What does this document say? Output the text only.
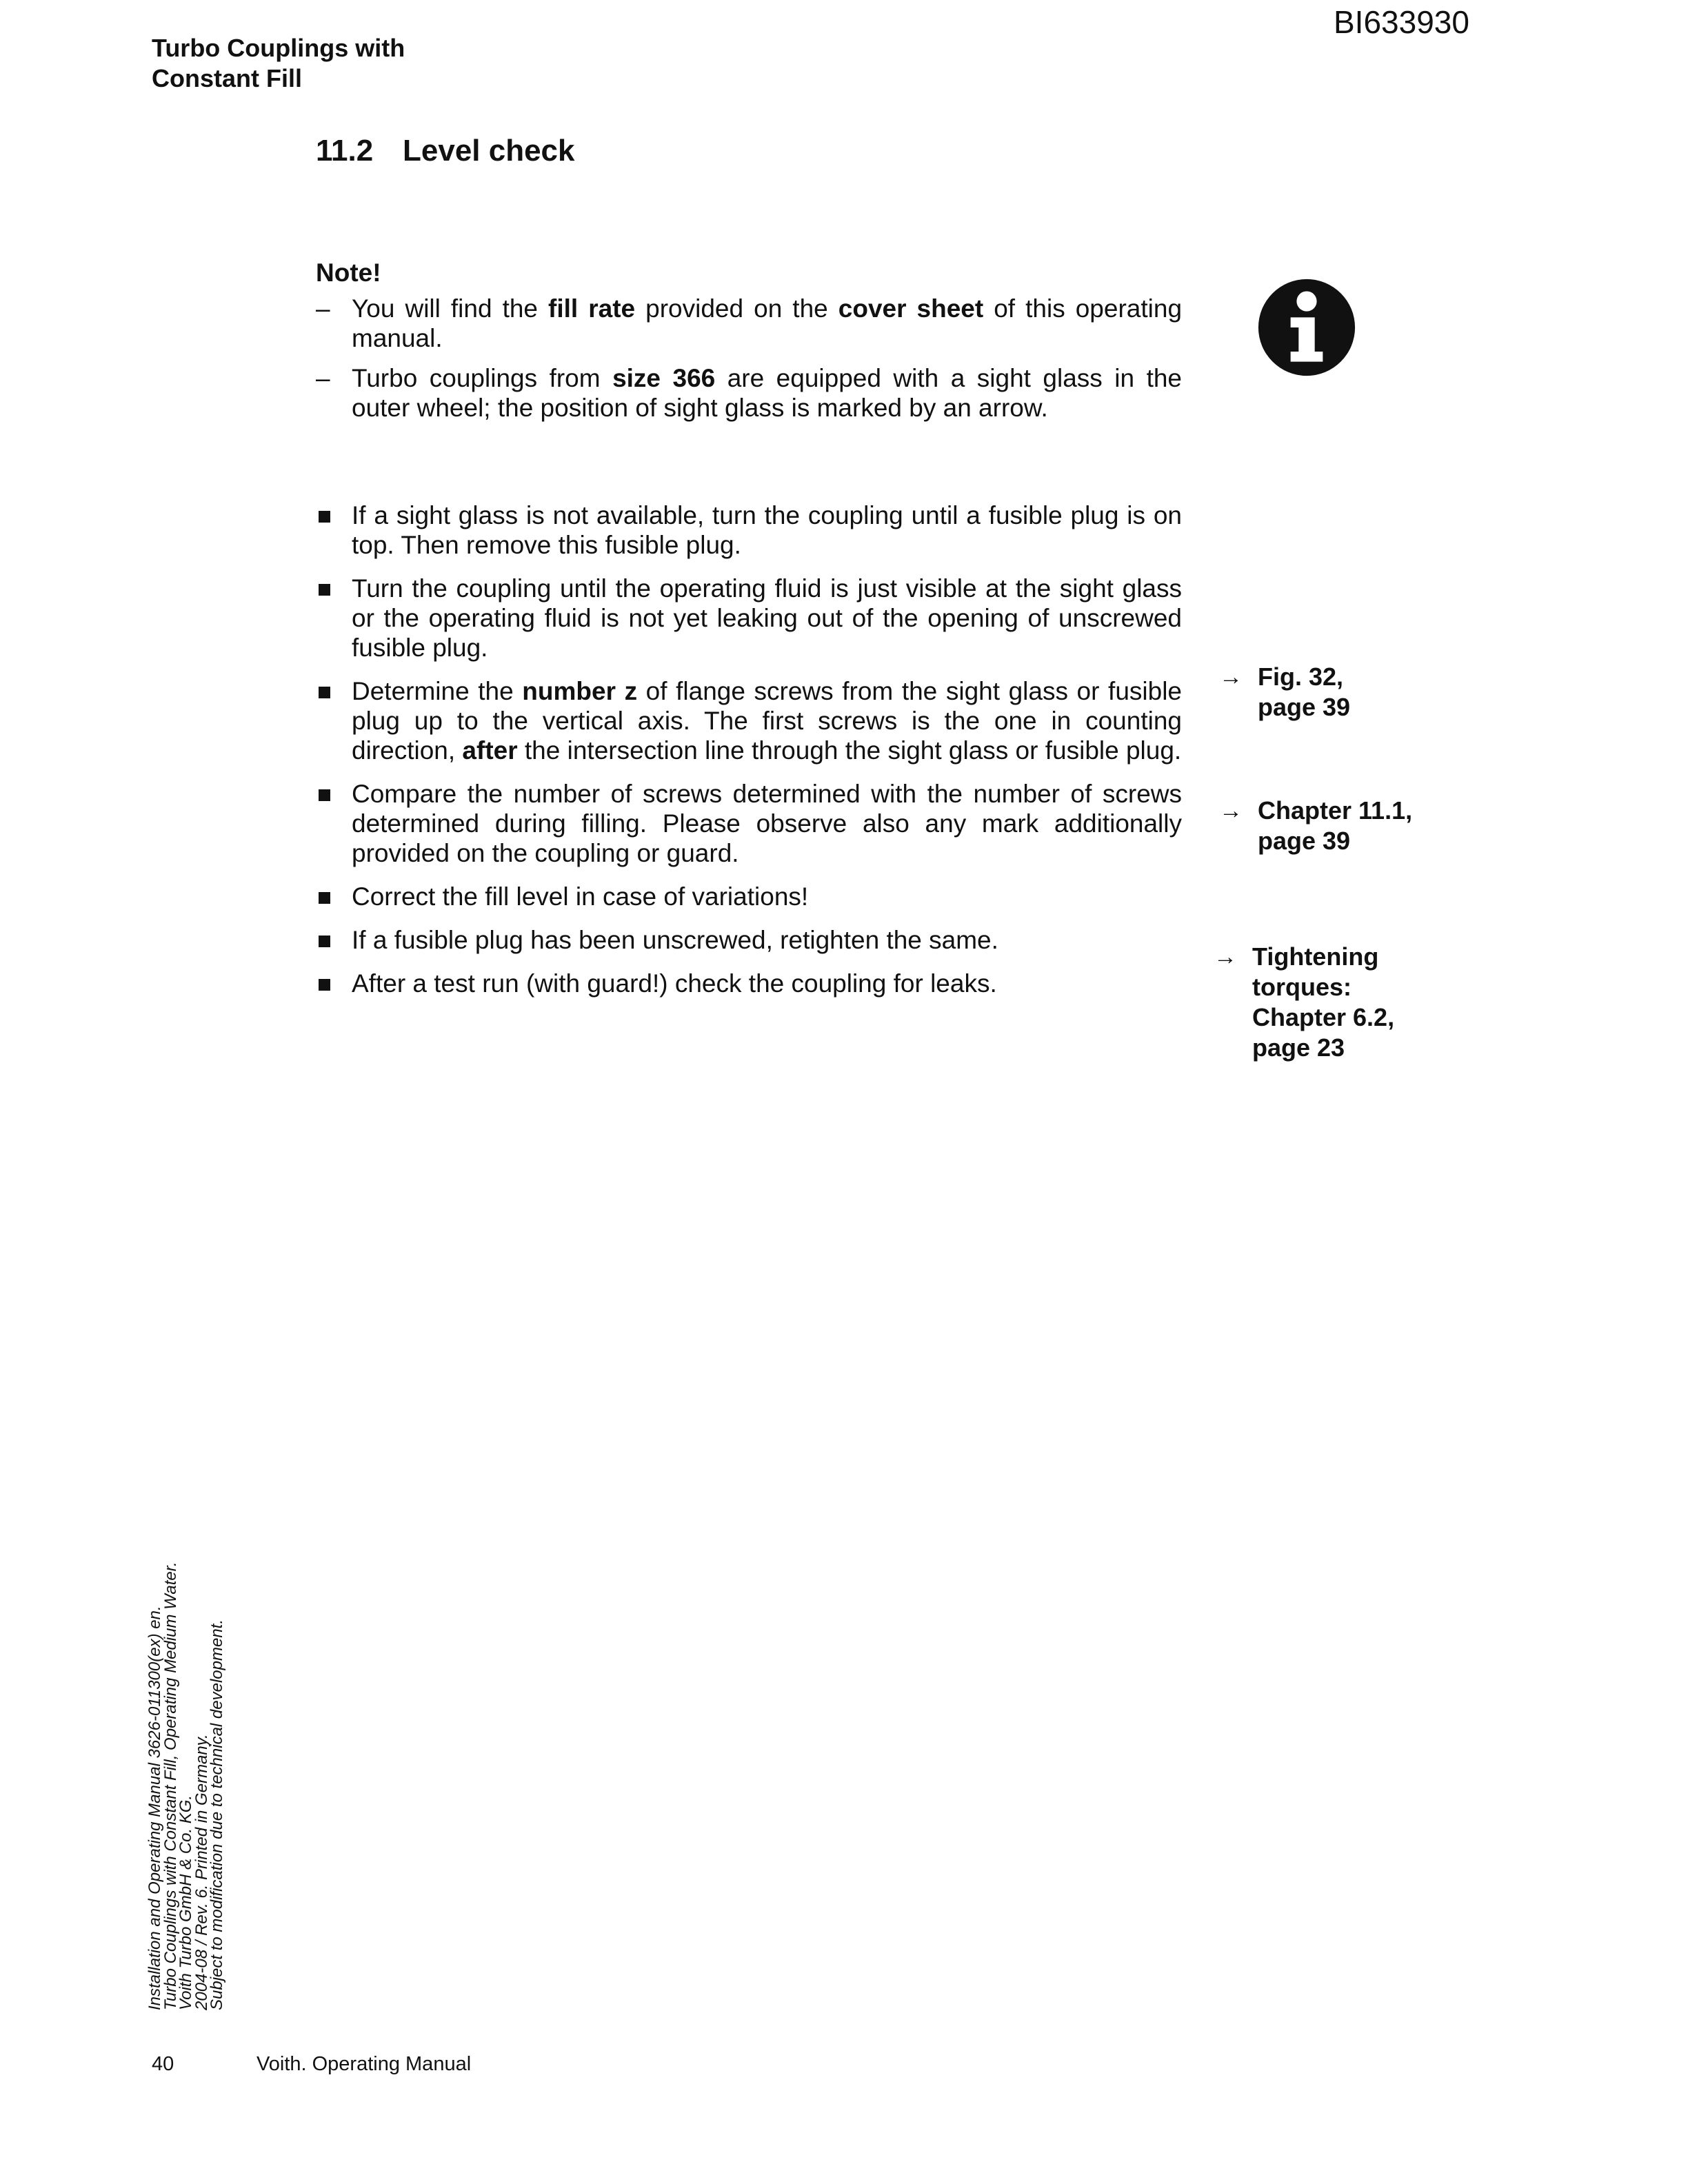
BI633930
Turbo Couplings with
Constant Fill
11.2 Level check
Note!
– You will find the fill rate provided on the cover sheet of this operating manual.
– Turbo couplings from size 366 are equipped with a sight glass in the outer wheel; the position of sight glass is marked by an arrow.
If a sight glass is not available, turn the coupling until a fusible plug is on top. Then remove this fusible plug.
Turn the coupling until the operating fluid is just visible at the sight glass or the operating fluid is not yet leaking out of the opening of unscrewed fusible plug.
Determine the number z of flange screws from the sight glass or fusible plug up to the vertical axis. The first screws is the one in counting direction, after the intersection line through the sight glass or fusible plug.
Compare the number of screws determined with the number of screws determined during filling. Please observe also any mark additionally provided on the coupling or guard.
Correct the fill level in case of variations!
If a fusible plug has been unscrewed, retighten the same.
After a test run (with guard!) check the coupling for leaks.
→ Fig. 32,
page 39
→ Chapter 11.1,
page 39
→ Tightening
torques:
Chapter 6.2,
page 23
Installation and Operating Manual 3626-011300(ex) en.
Turbo Couplings with Constant Fill, Operating Medium Water.
Voith Turbo GmbH & Co. KG.
2004-08 / Rev. 6. Printed in Germany.
Subject to modification due to technical development.
40	Voith. Operating Manual
